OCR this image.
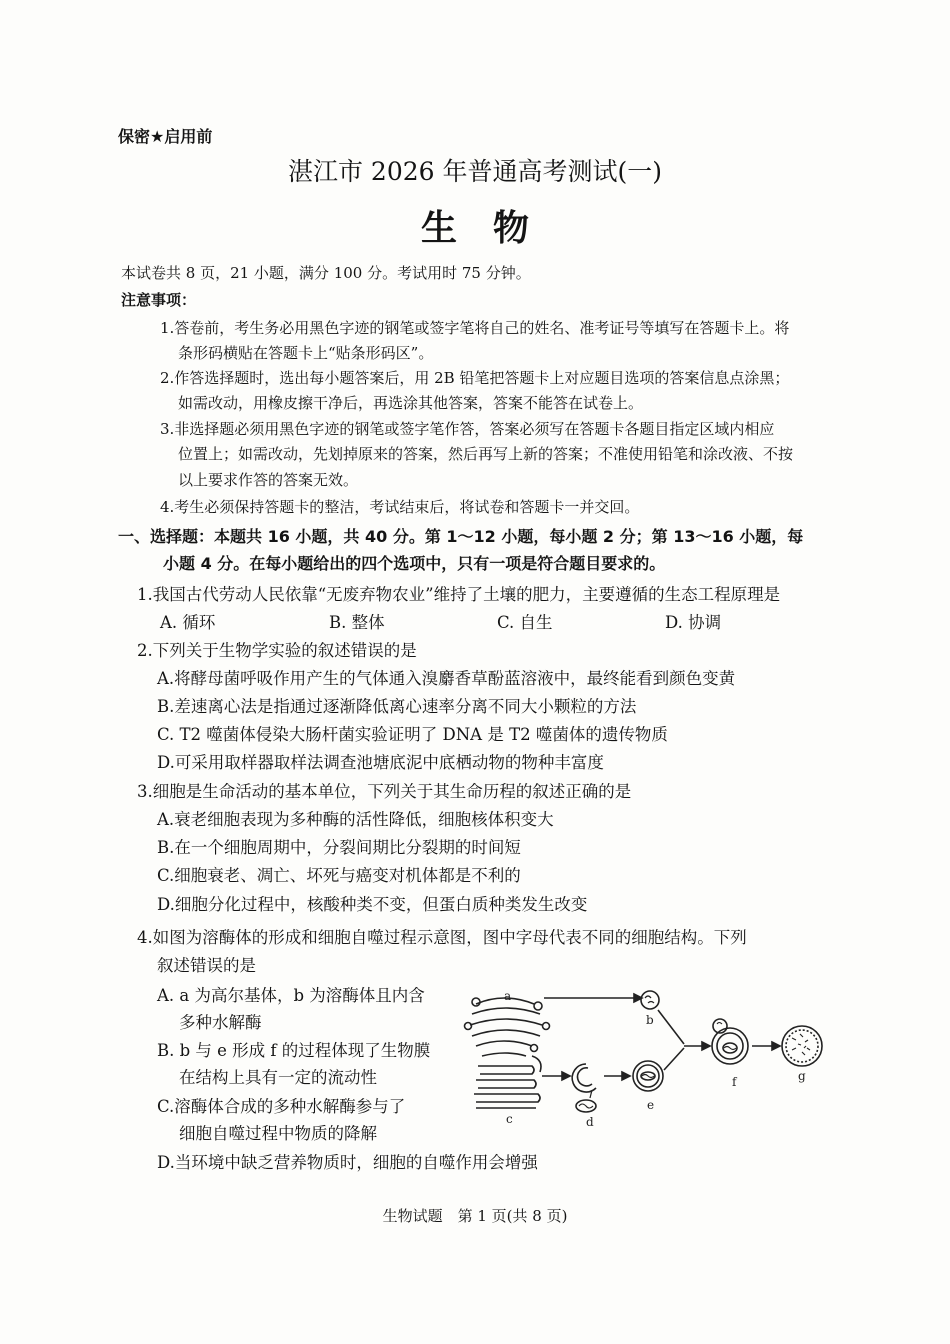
保密★启用前
湛江市 2026 年普通高考测试(一)
生　物
本试卷共 8 页，21 小题，满分 100 分。考试用时 75 分钟。
注意事项：
1.答卷前，考生务必用黑色字迹的钢笔或签字笔将自己的姓名、准考证号等填写在答题卡上。将
条形码横贴在答题卡上“贴条形码区”。
2.作答选择题时，选出每小题答案后，用 2B 铅笔把答题卡上对应题目选项的答案信息点涂黑；
如需改动，用橡皮擦干净后，再选涂其他答案，答案不能答在试卷上。
3.非选择题必须用黑色字迹的钢笔或签字笔作答，答案必须写在答题卡各题目指定区域内相应
位置上；如需改动，先划掉原来的答案，然后再写上新的答案；不准使用铅笔和涂改液、不按
以上要求作答的答案无效。
4.考生必须保持答题卡的整洁，考试结束后，将试卷和答题卡一并交回。
一、选择题：本题共 16 小题，共 40 分。第 1～12 小题，每小题 2 分；第 13～16 小题，每
小题 4 分。在每小题给出的四个选项中，只有一项是符合题目要求的。
1.我国古代劳动人民依靠“无废弃物农业”维持了土壤的肥力，主要遵循的生态工程原理是
A. 循环	B. 整体	C. 自生	D. 协调
2.下列关于生物学实验的叙述错误的是
A.将酵母菌呼吸作用产生的气体通入溴麝香草酚蓝溶液中，最终能看到颜色变黄
B.差速离心法是指通过逐渐降低离心速率分离不同大小颗粒的方法
C. T2 噬菌体侵染大肠杆菌实验证明了 DNA 是 T2 噬菌体的遗传物质
D.可采用取样器取样法调查池塘底泥中底栖动物的物种丰富度
3.细胞是生命活动的基本单位，下列关于其生命历程的叙述正确的是
A.衰老细胞表现为多种酶的活性降低，细胞核体积变大
B.在一个细胞周期中，分裂间期比分裂期的时间短
C.细胞衰老、凋亡、坏死与癌变对机体都是不利的
D.细胞分化过程中，核酸种类不变，但蛋白质种类发生改变
4.如图为溶酶体的形成和细胞自噬过程示意图，图中字母代表不同的细胞结构。下列
叙述错误的是
A. a 为高尔基体，b 为溶酶体且内含
多种水解酶
B. b 与 e 形成 f 的过程体现了生物膜
在结构上具有一定的流动性
C.溶酶体合成的多种水解酶参与了
细胞自噬过程中物质的降解
D.当环境中缺乏营养物质时，细胞的自噬作用会增强
a
b
c	d
e
f	g
生物试题　第 1 页(共 8 页)
